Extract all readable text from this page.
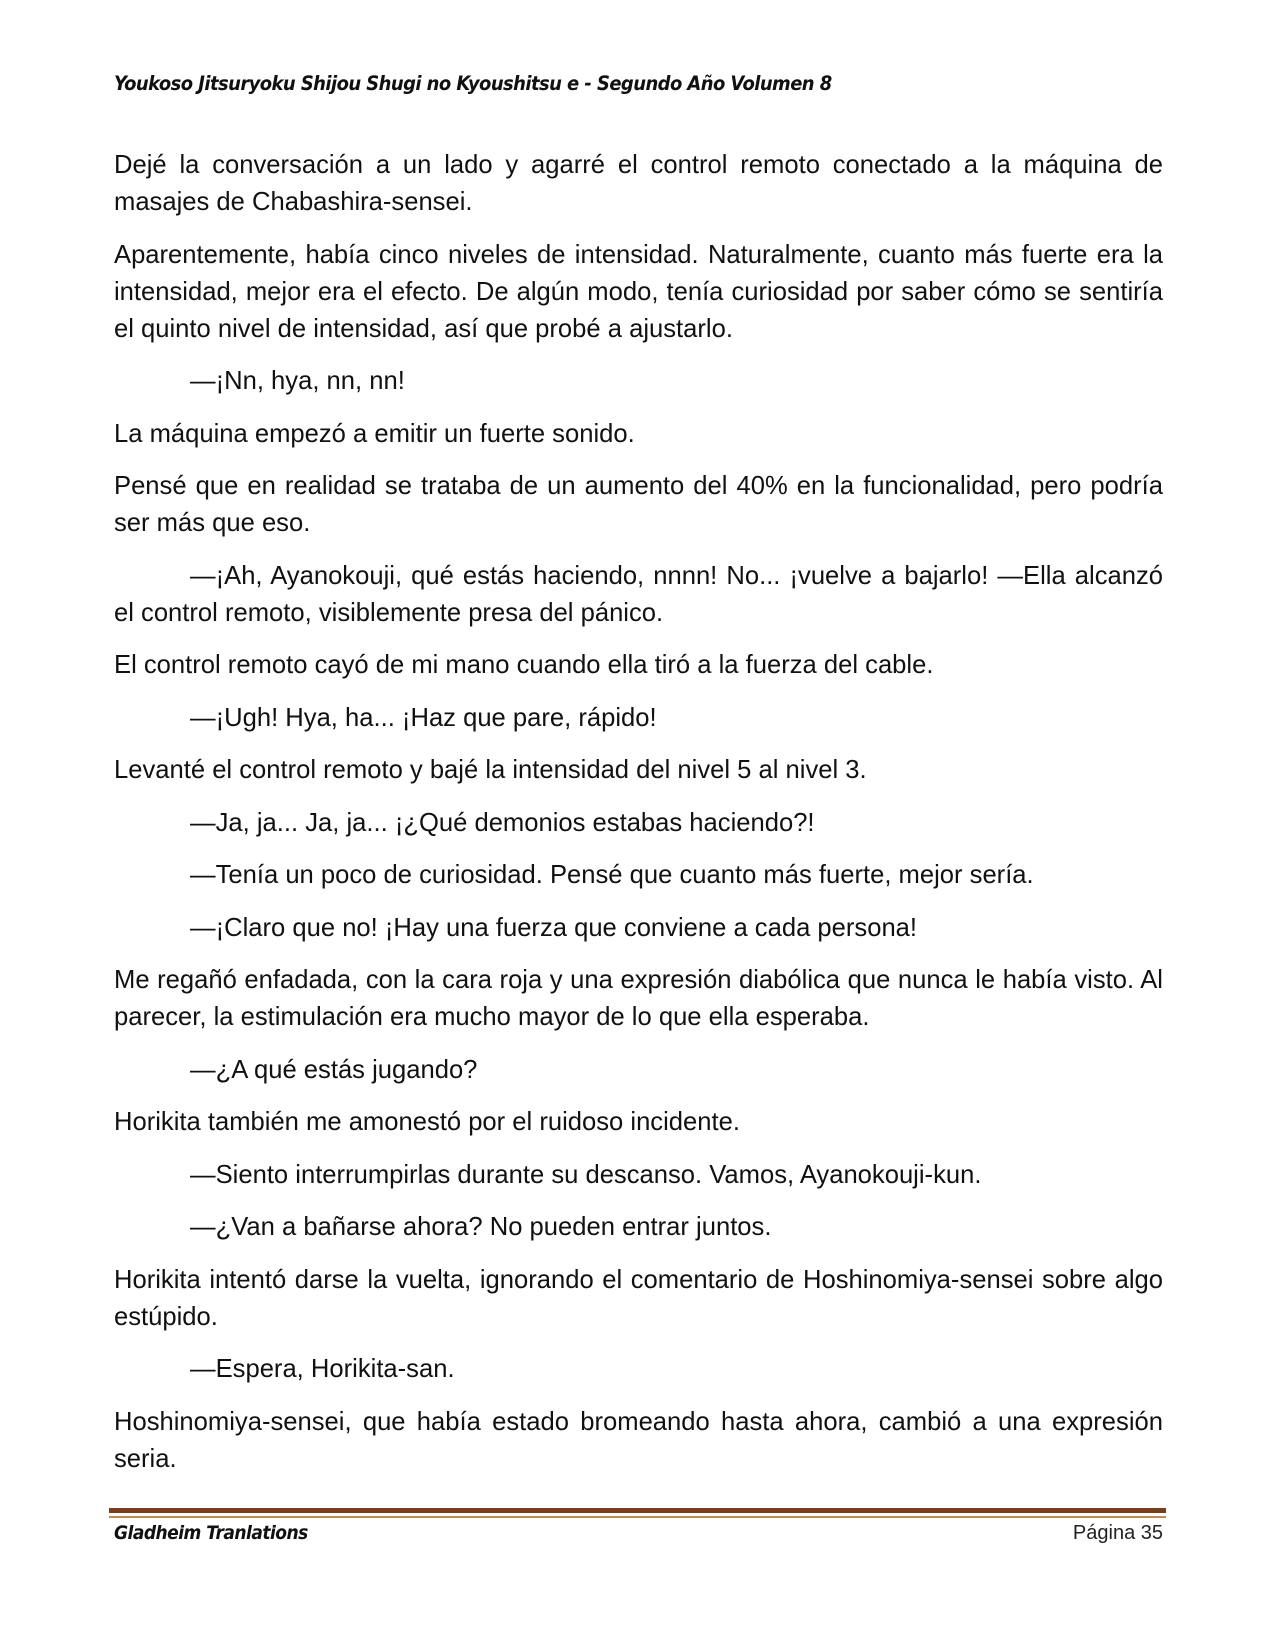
Youkoso Jitsuryoku Shijou Shugi no Kyoushitsu e - Segundo Año Volumen 8

Dejé la conversación a un lado y agarré el control remoto conectado a la máquina de masajes de Chabashira-sensei.

Aparentemente, había cinco niveles de intensidad. Naturalmente, cuanto más fuerte era la intensidad, mejor era el efecto. De algún modo, tenía curiosidad por saber cómo se sentiría el quinto nivel de intensidad, así que probé a ajustarlo.

—¡Nn, hya, nn, nn!

La máquina empezó a emitir un fuerte sonido.

Pensé que en realidad se trataba de un aumento del 40% en la funcionalidad, pero podría ser más que eso.

—¡Ah, Ayanokouji, qué estás haciendo, nnnn! No... ¡vuelve a bajarlo! —Ella alcanzó el control remoto, visiblemente presa del pánico.

El control remoto cayó de mi mano cuando ella tiró a la fuerza del cable.

—¡Ugh! Hya, ha... ¡Haz que pare, rápido!

Levanté el control remoto y bajé la intensidad del nivel 5 al nivel 3.

—Ja, ja... Ja, ja... ¡¿Qué demonios estabas haciendo?!

—Tenía un poco de curiosidad. Pensé que cuanto más fuerte, mejor sería.

—¡Claro que no! ¡Hay una fuerza que conviene a cada persona!

Me regañó enfadada, con la cara roja y una expresión diabólica que nunca le había visto. Al parecer, la estimulación era mucho mayor de lo que ella esperaba.

—¿A qué estás jugando?

Horikita también me amonestó por el ruidoso incidente.

—Siento interrumpirlas durante su descanso. Vamos, Ayanokouji-kun.

—¿Van a bañarse ahora? No pueden entrar juntos.

Horikita intentó darse la vuelta, ignorando el comentario de Hoshinomiya-sensei sobre algo estúpido.

—Espera, Horikita-san.

Hoshinomiya-sensei, que había estado bromeando hasta ahora, cambió a una expresión seria.

Gladheim Tranlations	Página 35
